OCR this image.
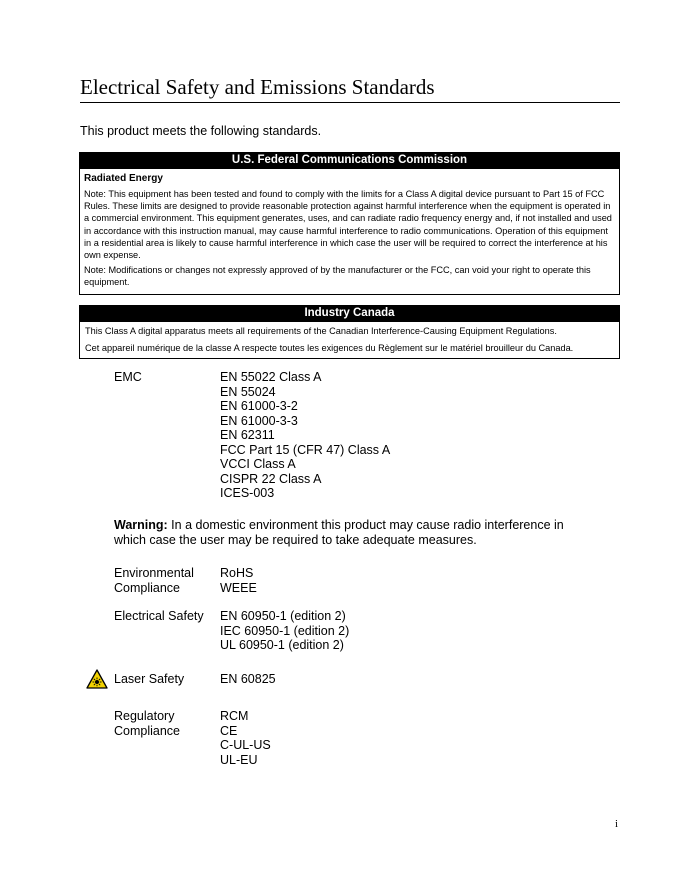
Electrical Safety and Emissions Standards
This product meets the following standards.
U.S. Federal Communications Commission
Radiated Energy

Note: This equipment has been tested and found to comply with the limits for a Class A digital device pursuant to Part 15 of FCC Rules. These limits are designed to provide reasonable protection against harmful interference when the equipment is operated in a commercial environment. This equipment generates, uses, and can radiate radio frequency energy and, if not installed and used in accordance with this instruction manual, may cause harmful interference to radio communications. Operation of this equipment in a residential area is likely to cause harmful interference in which case the user will be required to correct the interference at his own expense.

Note: Modifications or changes not expressly approved of by the manufacturer or the FCC, can void your right to operate this equipment.

Industry Canada

This Class A digital apparatus meets all requirements of the Canadian Interference-Causing Equipment Regulations.

Cet appareil numérique de la classe A respecte toutes les exigences du Règlement sur le matériel brouilleur du Canada.

EMC	EN 55022 Class A
EN 55024
EN 61000-3-2
EN 61000-3-3
EN 62311
FCC Part 15 (CFR 47) Class A
VCCI Class A
CISPR 22 Class A
ICES-003
Warning: In a domestic environment this product may cause radio interference in which case the user may be required to take adequate measures.
Environmental
Compliance
RoHS
WEEE
Electrical Safety EN 60950-1 (edition 2)
IEC 60950-1 (edition 2)
UL 60950-1 (edition 2)
Laser Safety	EN 60825
Regulatory
Compliance
RCM
CE
C-UL-US
UL-EU
i
